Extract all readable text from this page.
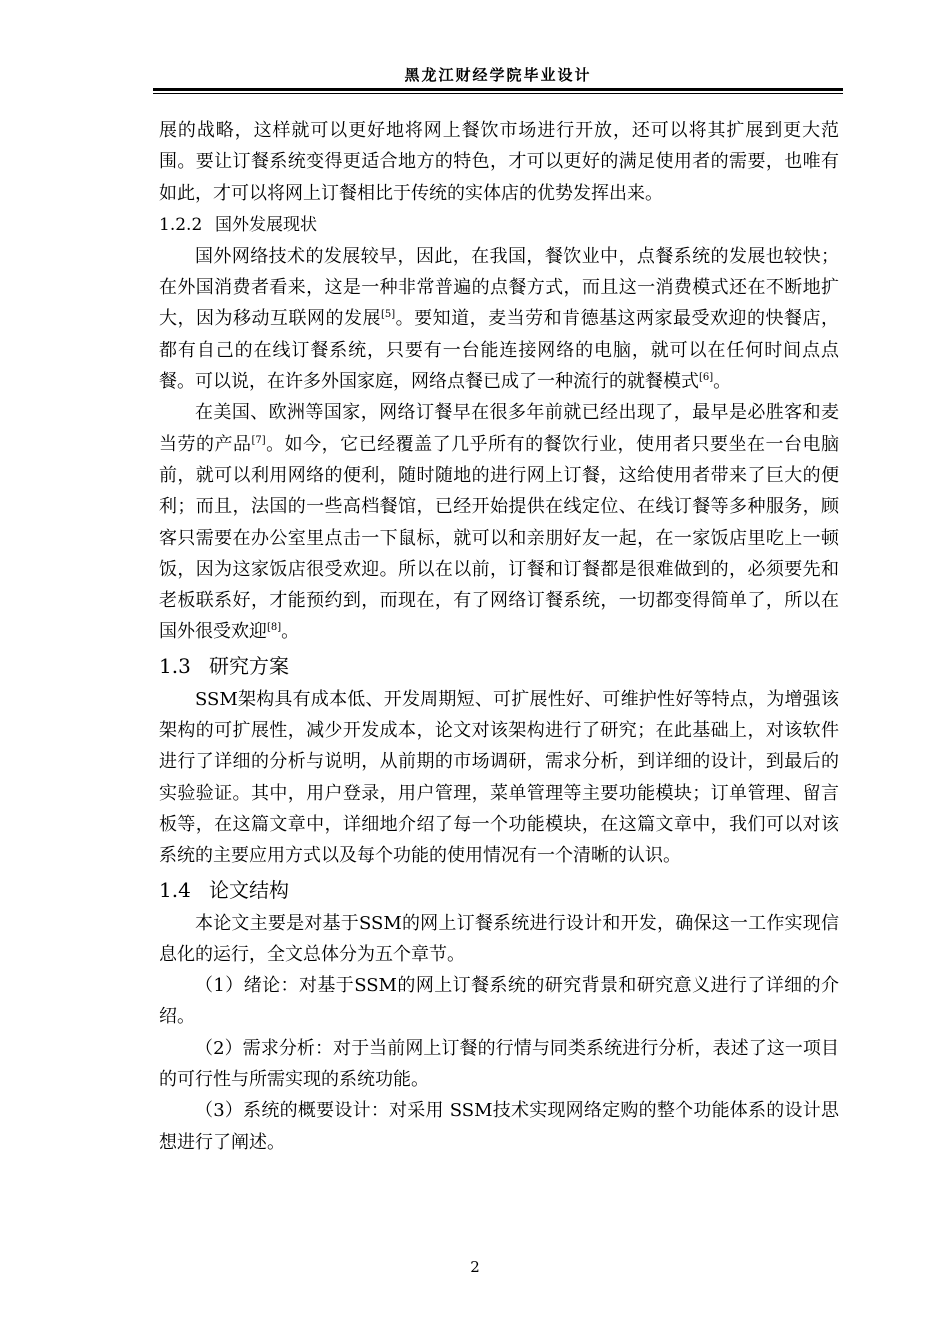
黑龙江财经学院毕业设计

展的战略，这样就可以更好地将网上餐饮市场进行开放，还可以将其扩展到更大范围。要让订餐系统变得更适合地方的特色，才可以更好的满足使用者的需要，也唯有如此，才可以将网上订餐相比于传统的实体店的优势发挥出来。

1.2.2 国外发展现状

国外网络技术的发展较早，因此，在我国，餐饮业中，点餐系统的发展也较快；在外国消费者看来，这是一种非常普遍的点餐方式，而且这一消费模式还在不断地扩大，因为移动互联网的发展[5]。要知道，麦当劳和肯德基这两家最受欢迎的快餐店，都有自己的在线订餐系统，只要有一台能连接网络的电脑，就可以在任何时间点点餐。可以说，在许多外国家庭，网络点餐已成了一种流行的就餐模式[6]。

在美国、欧洲等国家，网络订餐早在很多年前就已经出现了，最早是必胜客和麦当劳的产品[7]。如今，它已经覆盖了几乎所有的餐饮行业，使用者只要坐在一台电脑前，就可以利用网络的便利，随时随地的进行网上订餐，这给使用者带来了巨大的便利；而且，法国的一些高档餐馆，已经开始提供在线定位、在线订餐等多种服务，顾客只需要在办公室里点击一下鼠标，就可以和亲朋好友一起，在一家饭店里吃上一顿饭，因为这家饭店很受欢迎。所以在以前，订餐和订餐都是很难做到的，必须要先和老板联系好，才能预约到，而现在，有了网络订餐系统，一切都变得简单了，所以在国外很受欢迎[8]。

1.3 研究方案

SSM架构具有成本低、开发周期短、可扩展性好、可维护性好等特点，为增强该架构的可扩展性，减少开发成本，论文对该架构进行了研究；在此基础上，对该软件进行了详细的分析与说明，从前期的市场调研，需求分析，到详细的设计，到最后的实验验证。其中，用户登录，用户管理，菜单管理等主要功能模块；订单管理、留言板等，在这篇文章中，详细地介绍了每一个功能模块，在这篇文章中，我们可以对该系统的主要应用方式以及每个功能的使用情况有一个清晰的认识。

1.4 论文结构

本论文主要是对基于SSM的网上订餐系统进行设计和开发，确保这一工作实现信息化的运行，全文总体分为五个章节。

（1）绪论：对基于SSM的网上订餐系统的研究背景和研究意义进行了详细的介绍。

（2）需求分析：对于当前网上订餐的行情与同类系统进行分析，表述了这一项目的可行性与所需实现的系统功能。

（3）系统的概要设计：对采用 SSM技术实现网络定购的整个功能体系的设计思想进行了阐述。

2
